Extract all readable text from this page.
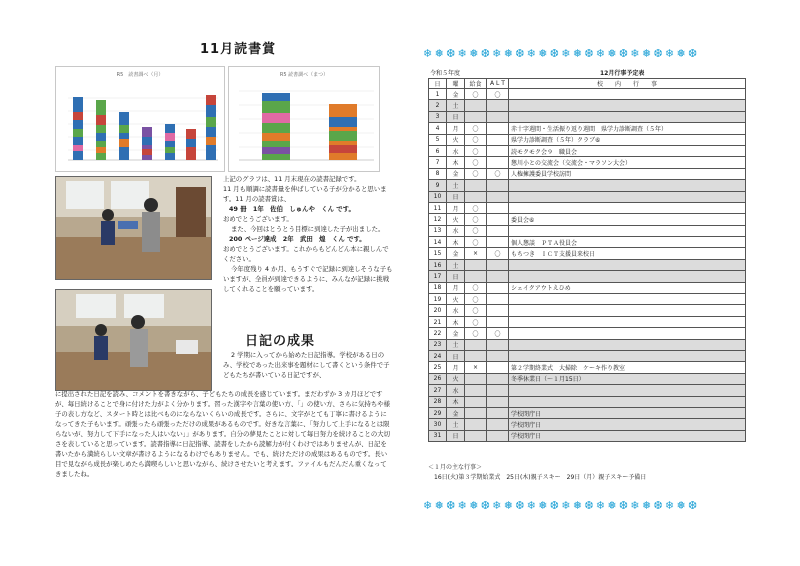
11月読書賞
R5　読書調べ（月）	R5 読書調べ（まつ）

上記のグラフは、11 月末現在の読書記録です。

11 月も順調に読書量を伸ばしている子が分かると思います。11 月の読書賞は、

49 冊　1年　佐伯　しゅんや　くん です。

おめでとうございます。

また、今回はとうとう目標に到達した子が出ました。

200 ページ達成　2年　武田　煌　くん です。

おめでとうございます。これからもどんどん本に親しんでください。

今年度残り 4 か月、もうすぐで記録に到達しそうな子もいますが、全員が到達できるように、みんなが記録に挑戦してくれることを願っています。

日記の成果
2 学期に入ってから始めた日記指導。学校がある日のみ、学校であった出来事を題材にして書くという条件で子どもたちが書いている日記ですが、
に提出された日記を読み、コメントを書きながら、子どもたちの成長を感じています。まだわずか 3 カ月ほどですが、毎日続けることで身に付けた力がよく分かります。習った漢字や言葉の使い方、「」の使い方、さらに気持ちや様子の表し方など、スタート時とは比べものにならないくらいの成長です。さらに、文字がとても丁寧に書けるようになってきた子もいます。頑張ったら頑張っただけの成果があるものです。好きな言葉に、「努力して上手になるとは限らないが、努力して下手になった人はいない」」があります。自分の夢見たことに対して毎日努力を続けることの大切さを表していると思っています。読書指導に日記指導、読書をしたから読解力が付くわけではありませんが、日記を書いたから満続らしい文章が書けるようになるわけでもありません。でも、続けただけの成果はあるものです。長い目で見ながら成長が楽しめたら満喫らしいと思いながら、続けさせたいと考えます。ファイルもだんだん重くなってきましたね。
❄❅❆❄❅❆❄❅❆❄❅❆❄❅❆❄❅❆❄❅❆❄❅❆
令和５年度	12月行事予定表
日	曜	給食	A L T	校　　内　　行　　事
1	金	〇	〇	
2	土			
3	日			
4	月	〇		赤十字週間・生活振り返り週間　県学力診断調査（５年）
5	火	〇		県学力診断調査（５年）クラブ⑥
6	水	〇		読モクモク会９　職員会
7	木	〇		懇川小との交流会（交流会・マラソン大会）
8	金	〇	〇	人権擁護委員学校訪問
9	土			
10	日			
11	月	〇		
12	火	〇		委員会⑥
13	水	〇		
14	木	〇		個人懇談　ＰＴＡ役員会
15	金	×	〇	もちつき　ＩＣＴ支援員来校日
16	土			
17	日			
18	月	〇		シェイクアウトえひめ
19	火	〇		
20	水	〇		
21	木	〇		
22	金	〇	〇	
23	土			
24	日			
25	月	×		第２学期終業式　大掃除　ケーキ作り教室
26	火			冬季休業日（～１月15日）
27	水			
28	木			
29	金			学校閉庁日
30	土			学校閉庁日
31	日			学校閉庁日
＜１月の主な行事＞
16日(火)第３学期始業式　25日(木)親子スキー　29日（月）親子スキー予備日
❄❅❆❄❅❆❄❅❆❄❅❆❄❅❆❄❅❆❄❅❆❄❅❆
